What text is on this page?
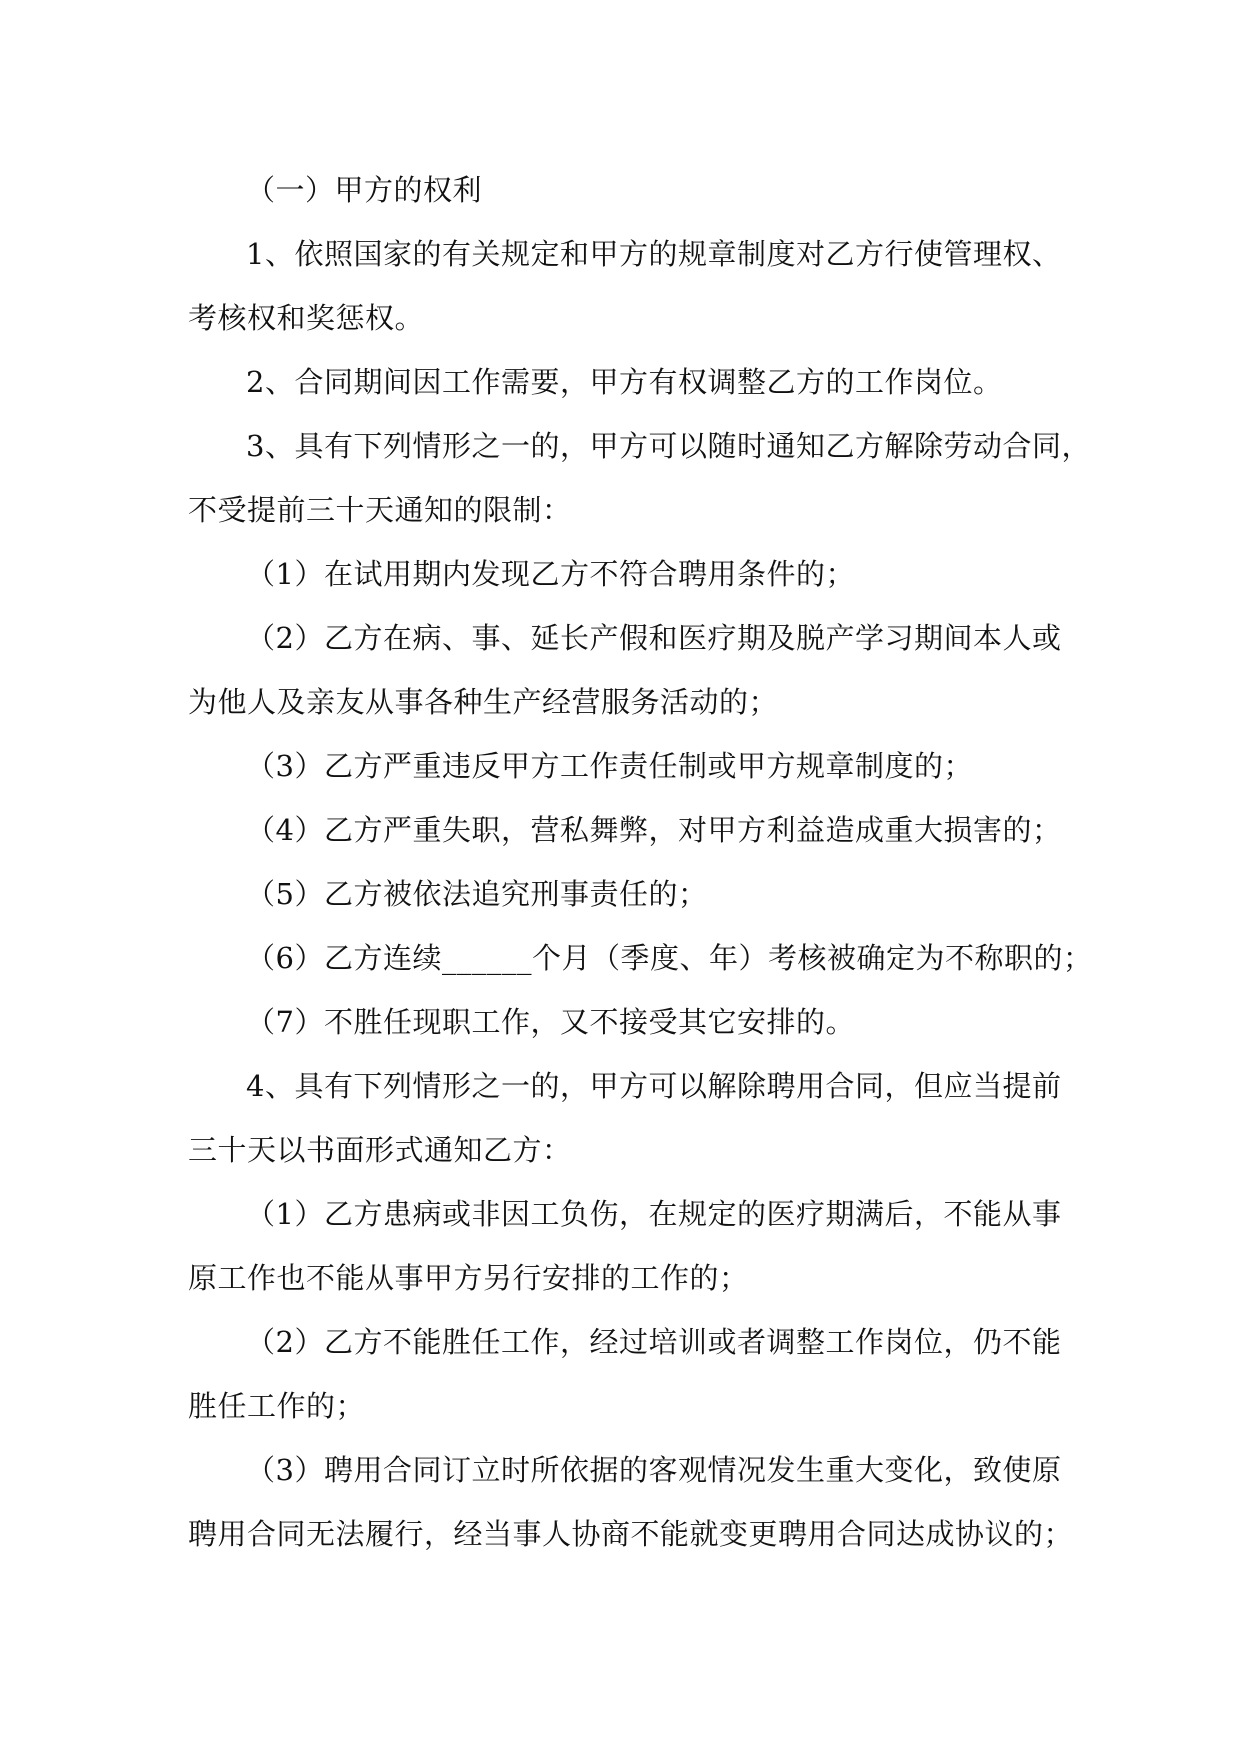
（一）甲方的权利
1、依照国家的有关规定和甲方的规章制度对乙方行使管理权、
考核权和奖惩权。
2、合同期间因工作需要，甲方有权调整乙方的工作岗位。
3、具有下列情形之一的，甲方可以随时通知乙方解除劳动合同，
不受提前三十天通知的限制：
（1）在试用期内发现乙方不符合聘用条件的；
（2）乙方在病、事、延长产假和医疗期及脱产学习期间本人或
为他人及亲友从事各种生产经营服务活动的；
（3）乙方严重违反甲方工作责任制或甲方规章制度的；
（4）乙方严重失职，营私舞弊，对甲方利益造成重大损害的；
（5）乙方被依法追究刑事责任的；
（6）乙方连续______个月（季度、年）考核被确定为不称职的；
（7）不胜任现职工作，又不接受其它安排的。
4、具有下列情形之一的，甲方可以解除聘用合同，但应当提前
三十天以书面形式通知乙方：
（1）乙方患病或非因工负伤，在规定的医疗期满后，不能从事
原工作也不能从事甲方另行安排的工作的；
（2）乙方不能胜任工作，经过培训或者调整工作岗位，仍不能
胜任工作的；
（3）聘用合同订立时所依据的客观情况发生重大变化，致使原
聘用合同无法履行，经当事人协商不能就变更聘用合同达成协议的；
